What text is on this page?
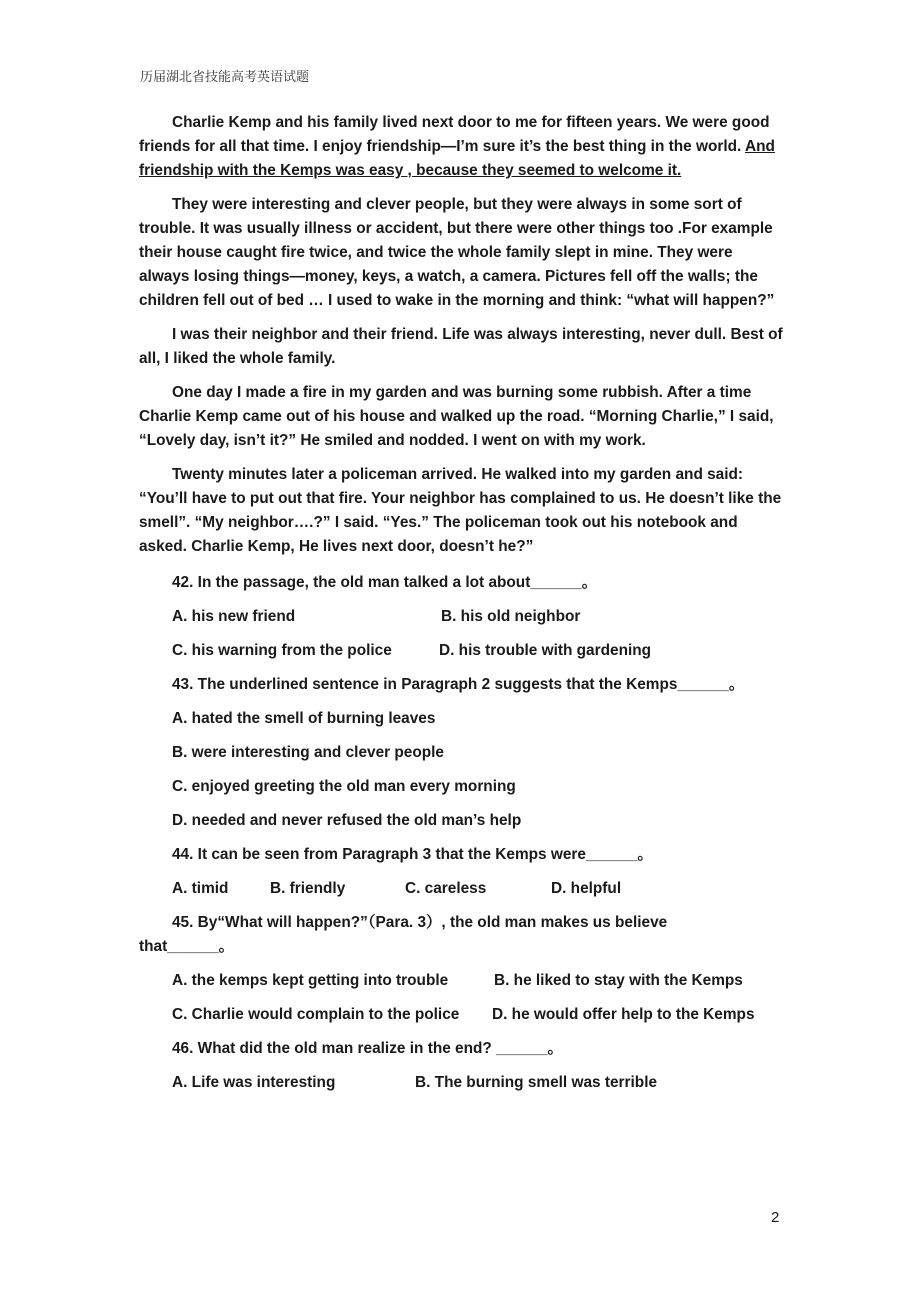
历届湖北省技能高考英语试题

Charlie Kemp and his family lived next door to me for fifteen years. We were good friends for all that time. I enjoy friendship—I’m sure it’s the best thing in the world. And friendship with the Kemps was easy , because they seemed to welcome it.

They were interesting and clever people, but they were always in some sort of trouble. It was usually illness or accident, but there were other things too .For example their house caught fire twice, and twice the whole family slept in mine. They were always losing things—money, keys, a watch, a camera. Pictures fell off the walls; the children fell out of bed … I used to wake in the morning and think: “what will happen?”

I was their neighbor and their friend. Life was always interesting, never dull. Best of all, I liked the whole family.

One day I made a fire in my garden and was burning some rubbish. After a time Charlie Kemp came out of his house and walked up the road. “Morning Charlie,” I said, “Lovely day, isn’t it?” He smiled and nodded. I went on with my work.

Twenty minutes later a policeman arrived. He walked into my garden and said: “You’ll have to put out that fire. Your neighbor has complained to us. He doesn’t like the smell”. “My neighbor….?” I said. “Yes.” The policeman took out his notebook and asked. Charlie Kemp, He lives next door, doesn’t he?”

42. In the passage, the old man talked a lot about______。
A. his new friend	B. his old neighbor
C. his warning from the police	D. his trouble with gardening
43. The underlined sentence in Paragraph 2 suggests that the Kemps______。
A. hated the smell of burning leaves
B. were interesting and clever people
C. enjoyed greeting the old man every morning
D. needed and never refused the old man’s help
44. It can be seen from Paragraph 3 that the Kemps were______。
A. timid	B. friendly	C. careless	D. helpful
45. By“What will happen?”（Para. 3）, the old man makes us believe
that______。
A. the kemps kept getting into trouble	B. he liked to stay with the Kemps
C. Charlie would complain to the police	D. he would offer help to the Kemps
46. What did the old man realize in the end? ______。
A. Life was interesting	B. The burning smell was terrible
2
